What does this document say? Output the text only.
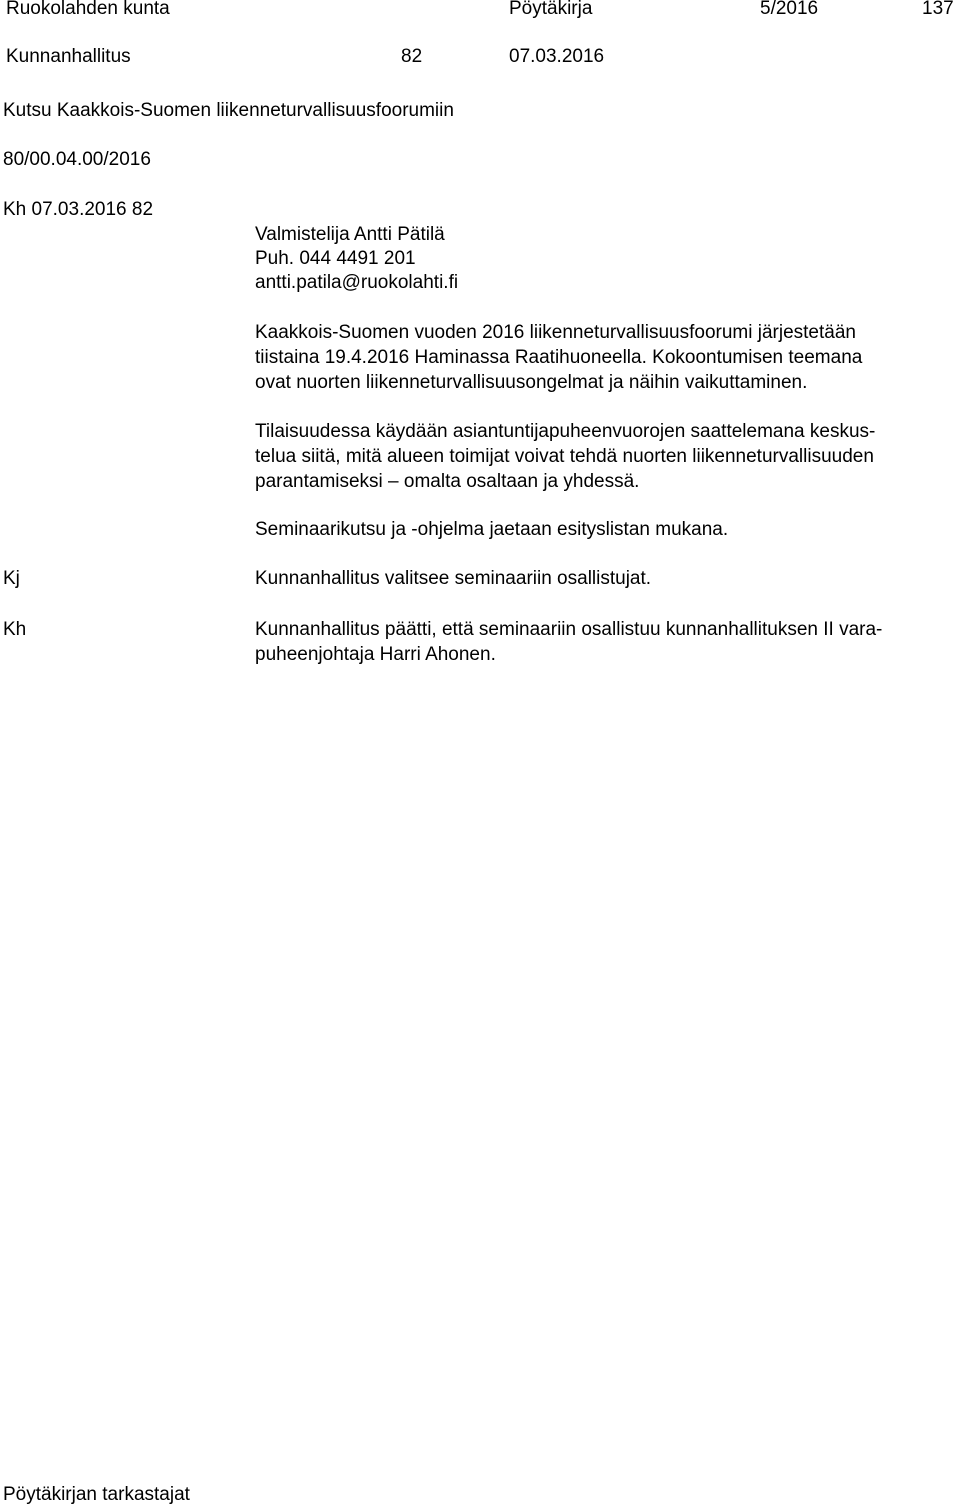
Ruokolahden kunta	Pöytäkirja	5/2016	137
Kunnanhallitus	82	07.03.2016
Kutsu Kaakkois-Suomen liikenneturvallisuusfoorumiin
80/00.04.00/2016
Kh 07.03.2016 82
Valmistelija Antti Pätilä
Puh. 044 4491 201
antti.patila@ruokolahti.fi
Kaakkois-Suomen vuoden 2016 liikenneturvallisuusfoorumi järjestetään
tiistaina 19.4.2016 Haminassa Raatihuoneella. Kokoontumisen teemana
ovat nuorten liikenneturvallisuusongelmat ja näihin vaikuttaminen.
Tilaisuudessa käydään asiantuntijapuheenvuorojen saattelemana keskus-
telua siitä, mitä alueen toimijat voivat tehdä nuorten liikenneturvallisuuden
parantamiseksi – omalta osaltaan ja yhdessä.
Seminaarikutsu ja -ohjelma jaetaan esityslistan mukana.
Kj	Kunnanhallitus valitsee seminaariin osallistujat.
Kh	Kunnanhallitus päätti, että seminaariin osallistuu kunnanhallituksen II vara-
puheenjohtaja Harri Ahonen.
Pöytäkirjan tarkastajat
